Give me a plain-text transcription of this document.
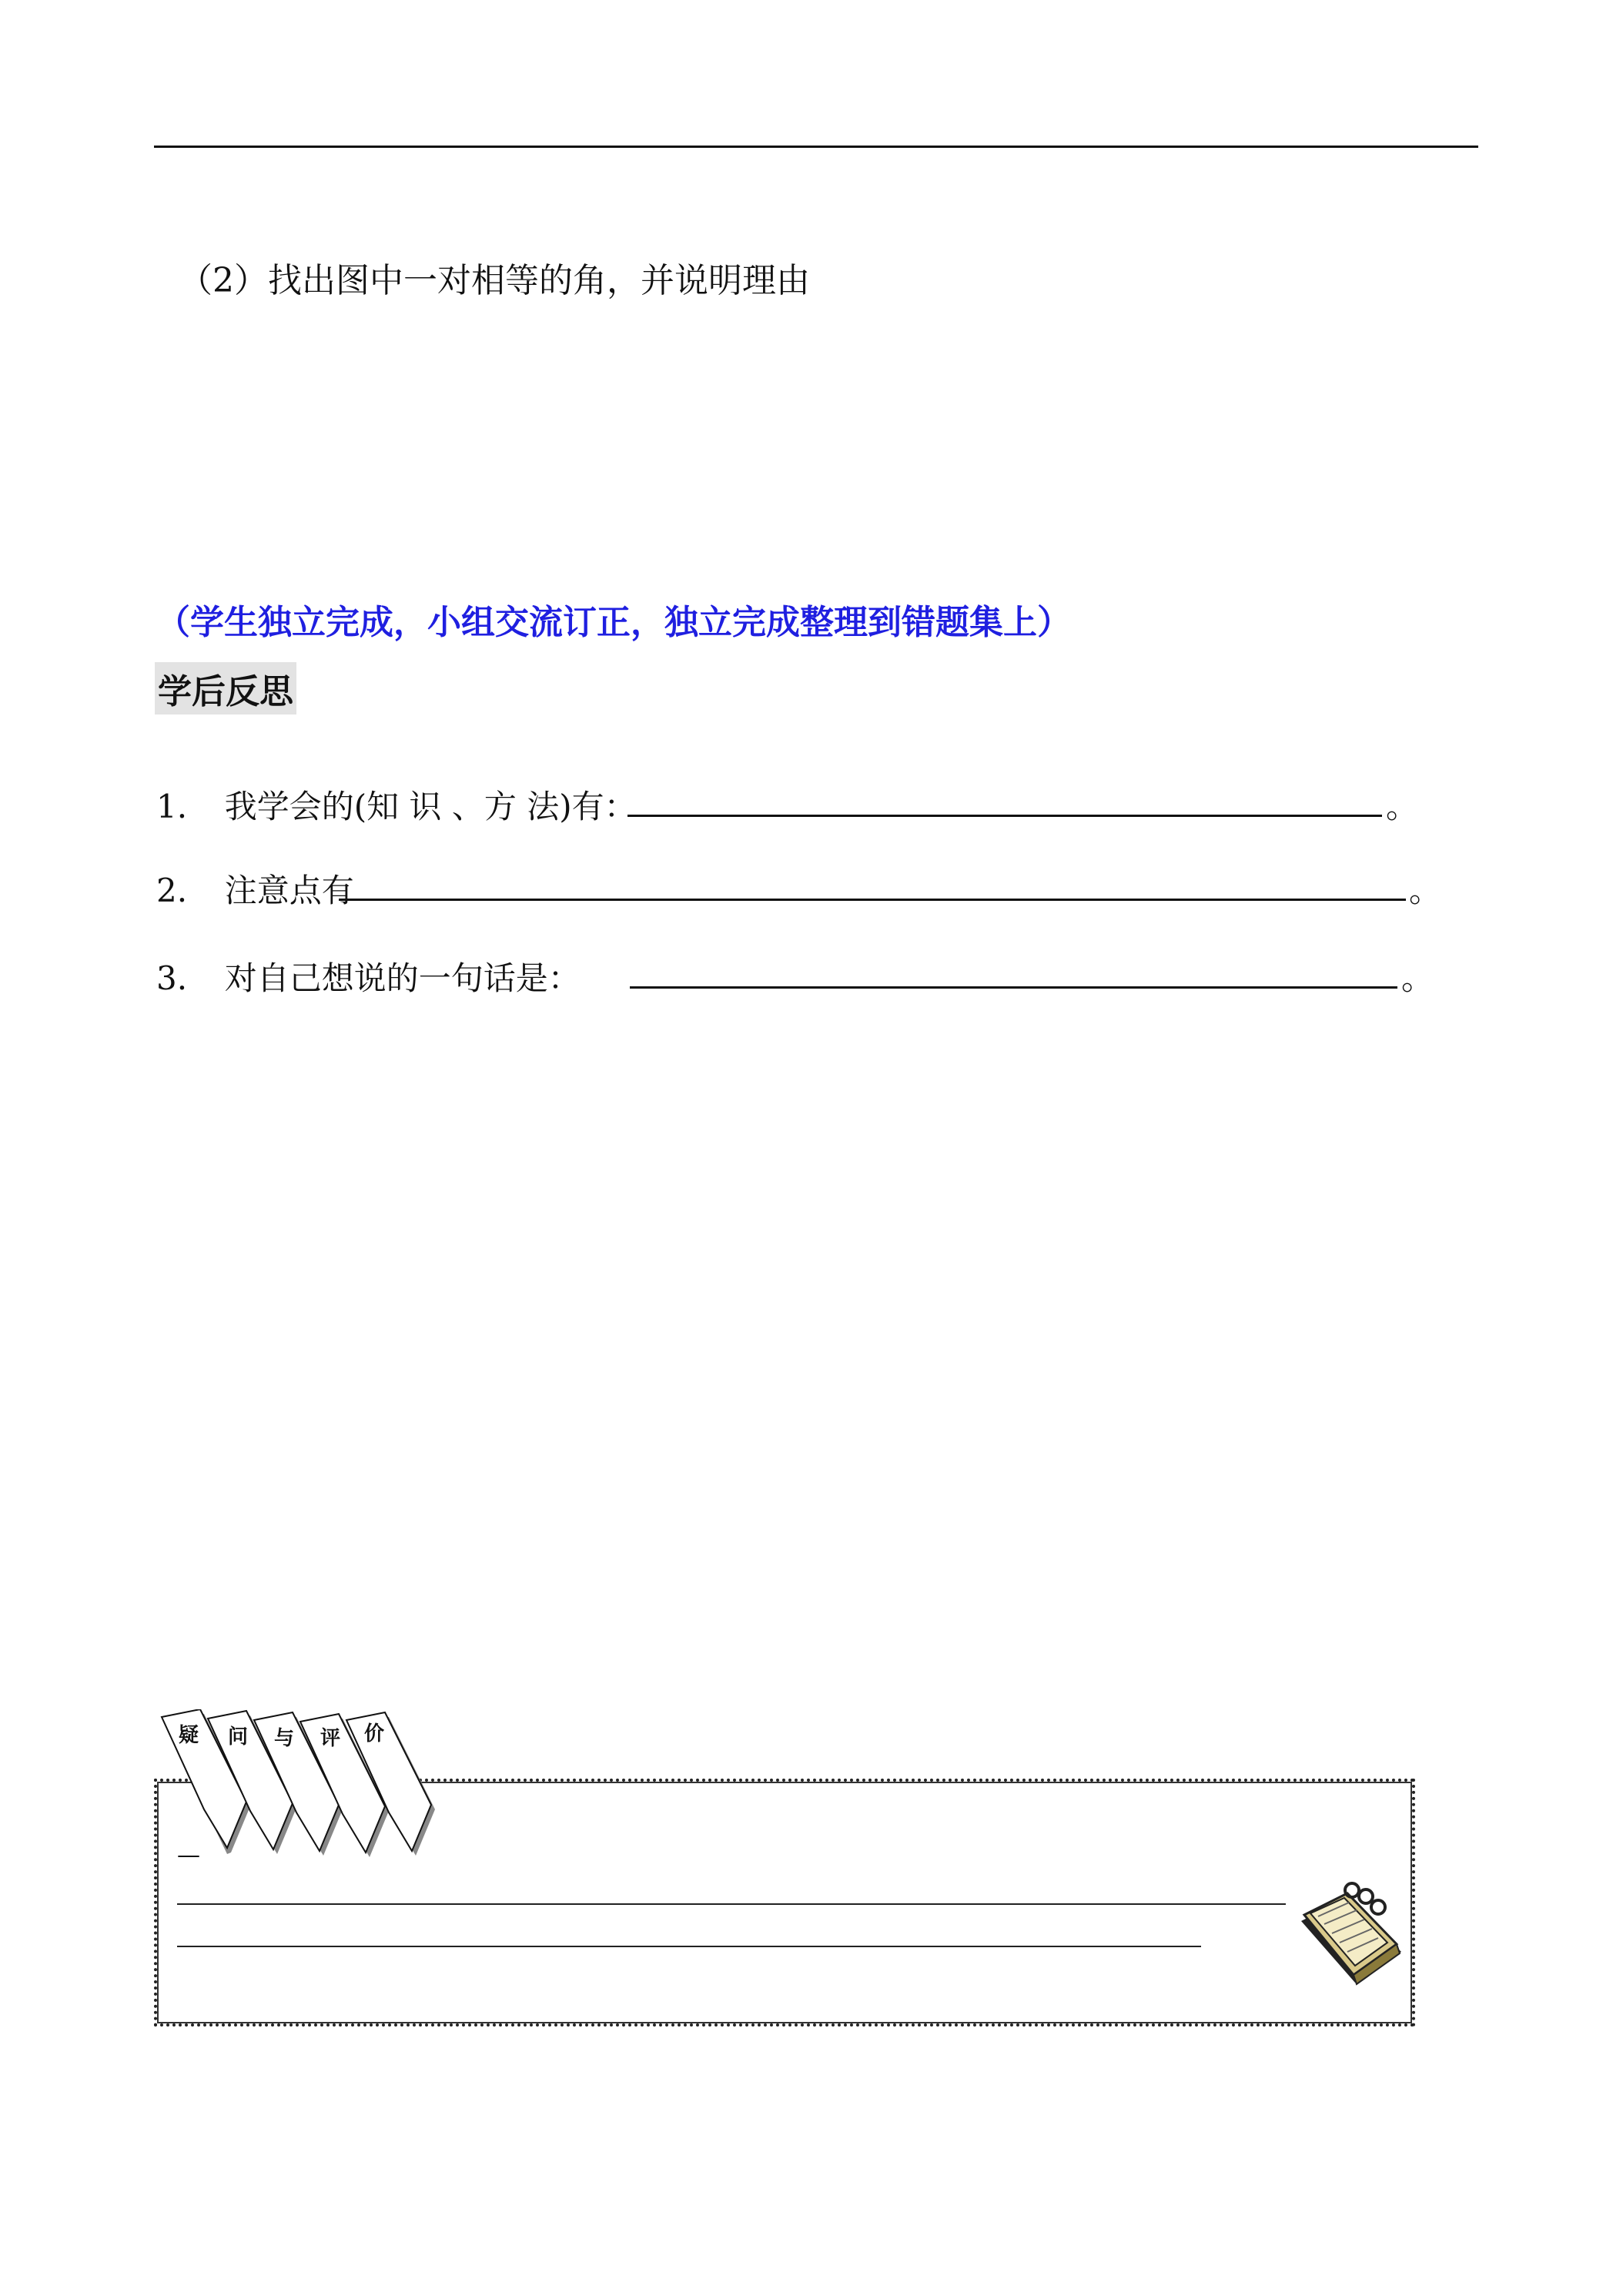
（2）找出图中一对相等的角，并说明理由
（学生独立完成，小组交流订正，独立完成整理到错题集上）
学后反思
1. 我学会的(知 识 、方 法)有：	。
2. 注意点有	。
3. 对自己想说的一句话是：	。
疑 问 与 评 价
—
